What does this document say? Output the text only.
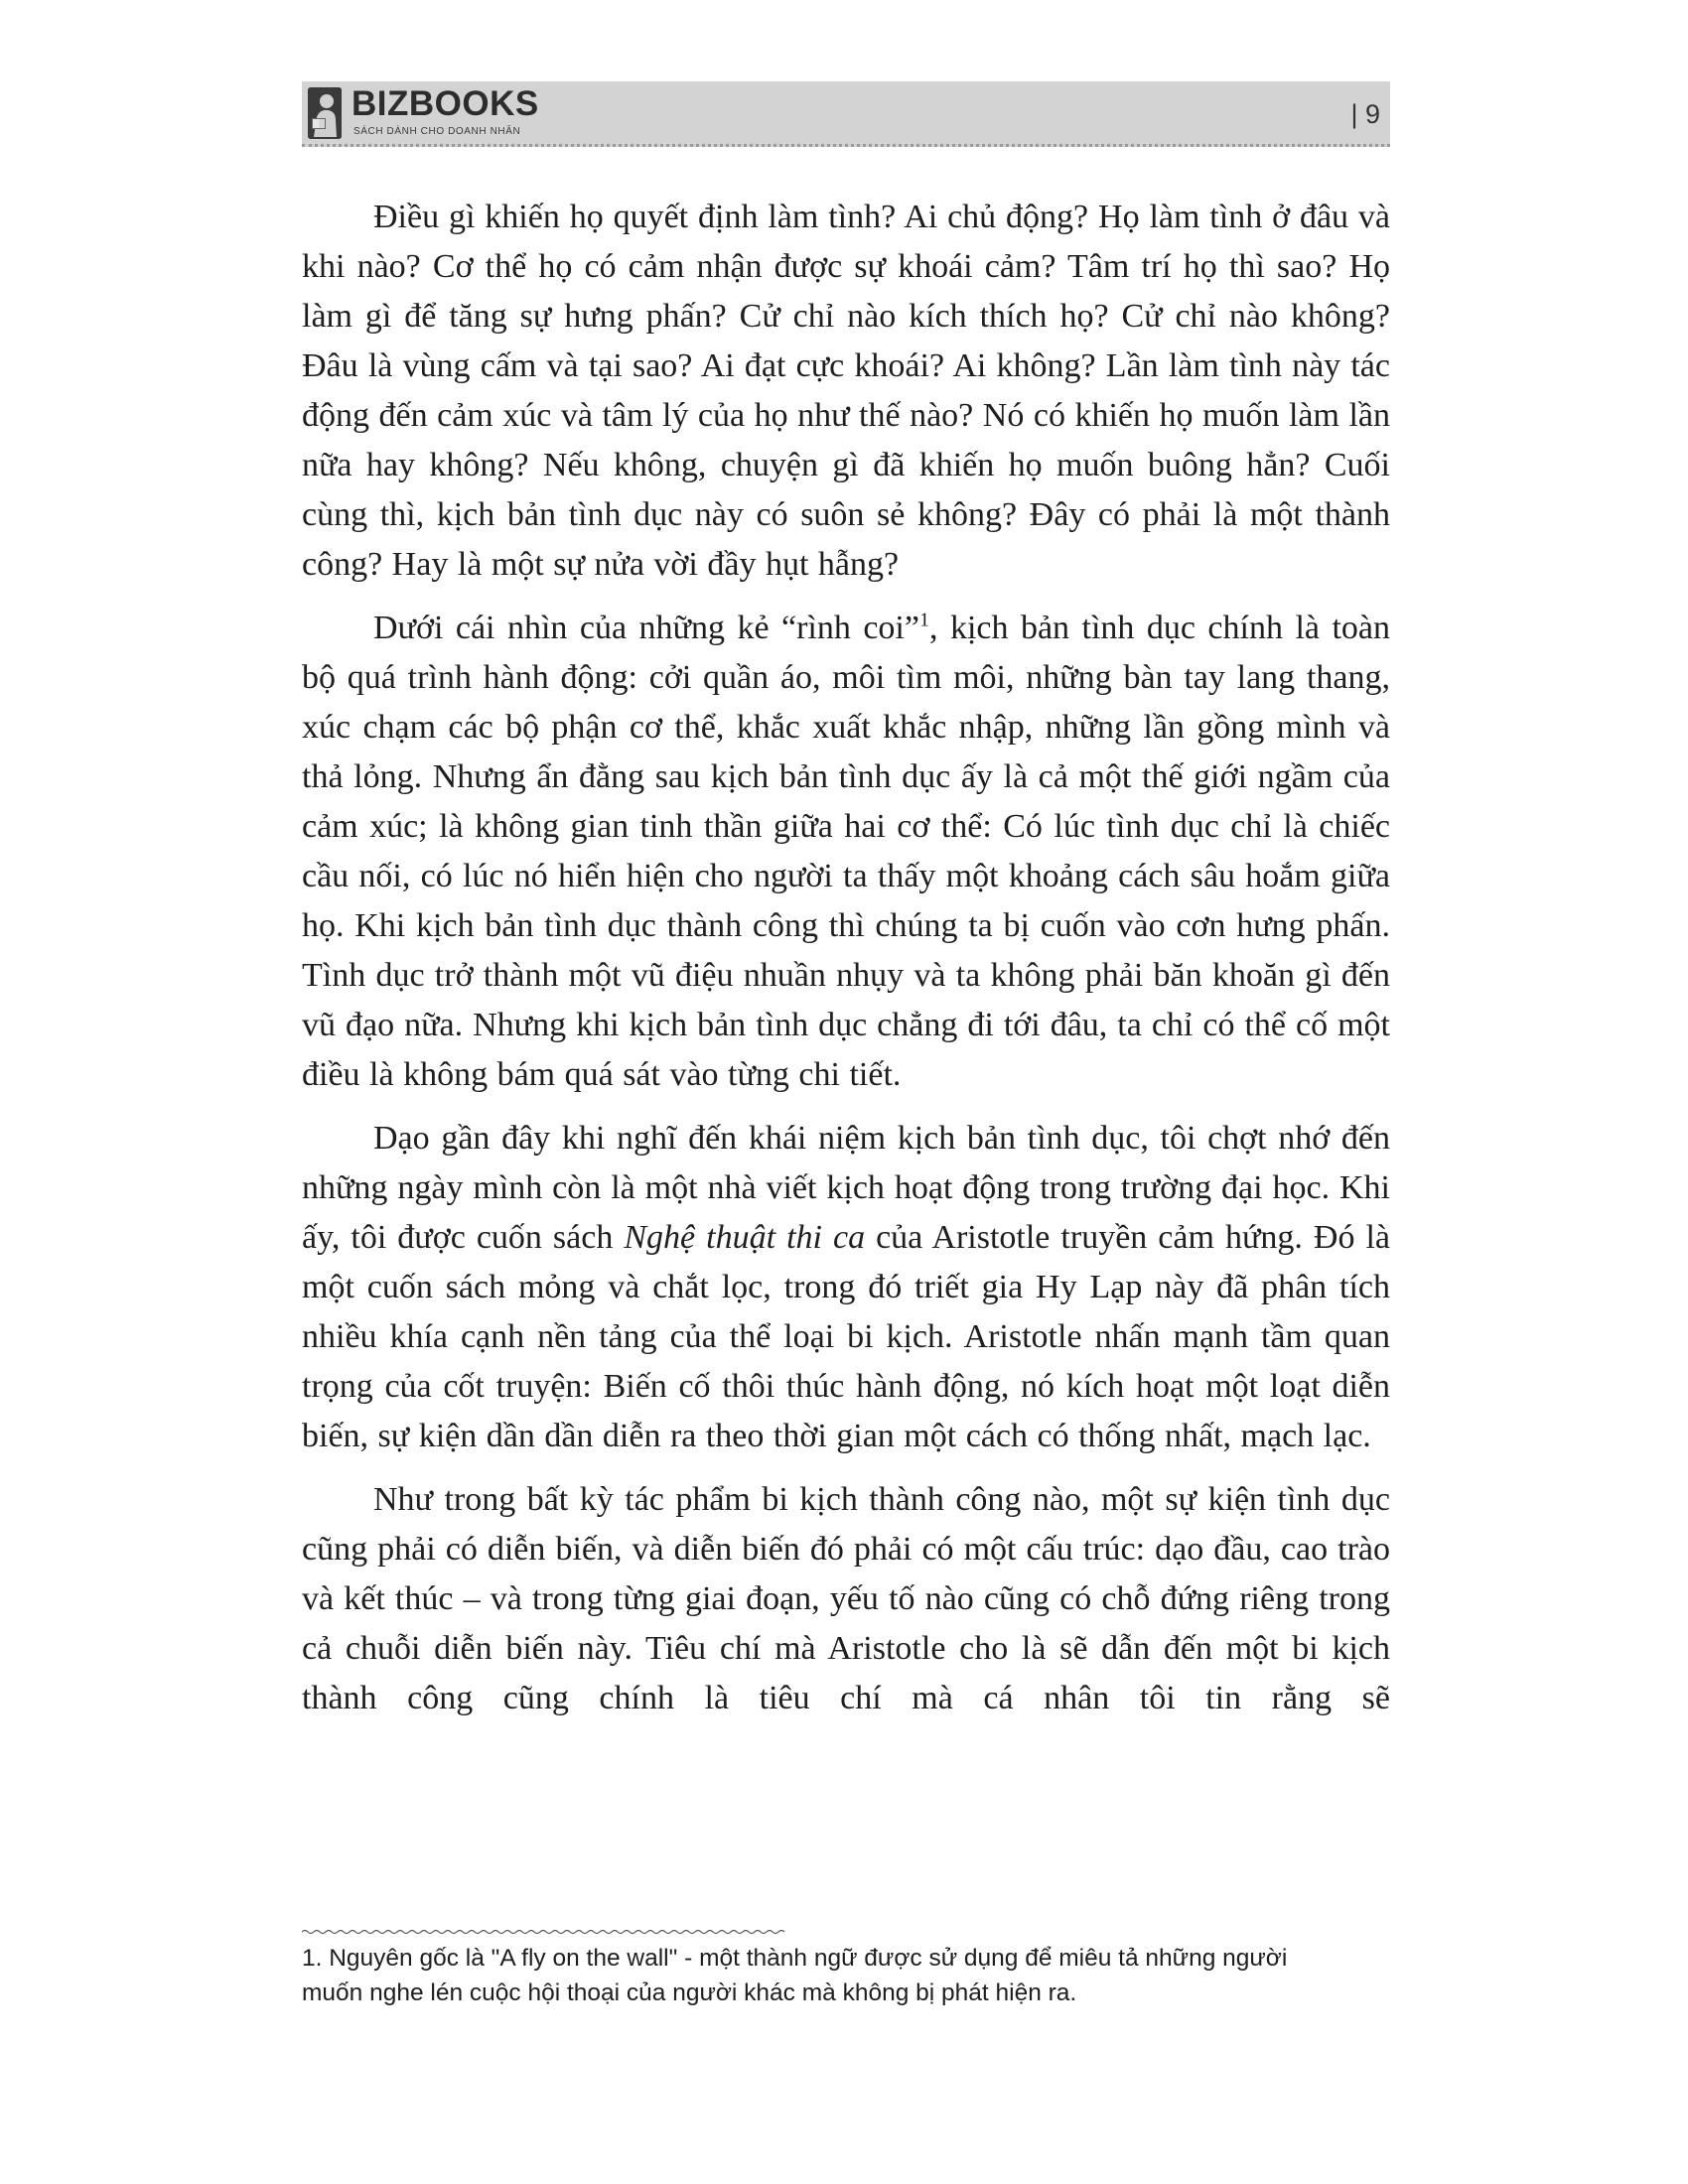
BIZBOOKS
SÁCH DÀNH CHO DOANH NHÂN
| 9

Điều gì khiến họ quyết định làm tình? Ai chủ động? Họ làm tình ở đâu và khi nào? Cơ thể họ có cảm nhận được sự khoái cảm? Tâm trí họ thì sao? Họ làm gì để tăng sự hưng phấn? Cử chỉ nào kích thích họ? Cử chỉ nào không? Đâu là vùng cấm và tại sao? Ai đạt cực khoái? Ai không? Lần làm tình này tác động đến cảm xúc và tâm lý của họ như thế nào? Nó có khiến họ muốn làm lần nữa hay không? Nếu không, chuyện gì đã khiến họ muốn buông hẳn? Cuối cùng thì, kịch bản tình dục này có suôn sẻ không? Đây có phải là một thành công? Hay là một sự nửa vời đầy hụt hẫng?

Dưới cái nhìn của những kẻ “rình coi”$^1$, kịch bản tình dục chính là toàn bộ quá trình hành động: cởi quần áo, môi tìm môi, những bàn tay lang thang, xúc chạm các bộ phận cơ thể, khắc xuất khắc nhập, những lần gồng mình và thả lỏng. Nhưng ẩn đằng sau kịch bản tình dục ấy là cả một thế giới ngầm của cảm xúc; là không gian tinh thần giữa hai cơ thể: Có lúc tình dục chỉ là chiếc cầu nối, có lúc nó hiển hiện cho người ta thấy một khoảng cách sâu hoắm giữa họ. Khi kịch bản tình dục thành công thì chúng ta bị cuốn vào cơn hưng phấn. Tình dục trở thành một vũ điệu nhuần nhụy và ta không phải băn khoăn gì đến vũ đạo nữa. Nhưng khi kịch bản tình dục chẳng đi tới đâu, ta chỉ có thể cố một điều là không bám quá sát vào từng chi tiết.

Dạo gần đây khi nghĩ đến khái niệm kịch bản tình dục, tôi chợt nhớ đến những ngày mình còn là một nhà viết kịch hoạt động trong trường đại học. Khi ấy, tôi được cuốn sách Nghệ thuật thi ca của Aristotle truyền cảm hứng. Đó là một cuốn sách mỏng và chắt lọc, trong đó triết gia Hy Lạp này đã phân tích nhiều khía cạnh nền tảng của thể loại bi kịch. Aristotle nhấn mạnh tầm quan trọng của cốt truyện: Biến cố thôi thúc hành động, nó kích hoạt một loạt diễn biến, sự kiện dần dần diễn ra theo thời gian một cách có thống nhất, mạch lạc.

Như trong bất kỳ tác phẩm bi kịch thành công nào, một sự kiện tình dục cũng phải có diễn biến, và diễn biến đó phải có một cấu trúc: dạo đầu, cao trào và kết thúc – và trong từng giai đoạn, yếu tố nào cũng có chỗ đứng riêng trong cả chuỗi diễn biến này. Tiêu chí mà Aristotle cho là sẽ dẫn đến một bi kịch thành công cũng chính là tiêu chí mà cá nhân tôi tin rằng sẽ

1. Nguyên gốc là "A fly on the wall" - một thành ngữ được sử dụng để miêu tả những người

muốn nghe lén cuộc hội thoại của người khác mà không bị phát hiện ra.
